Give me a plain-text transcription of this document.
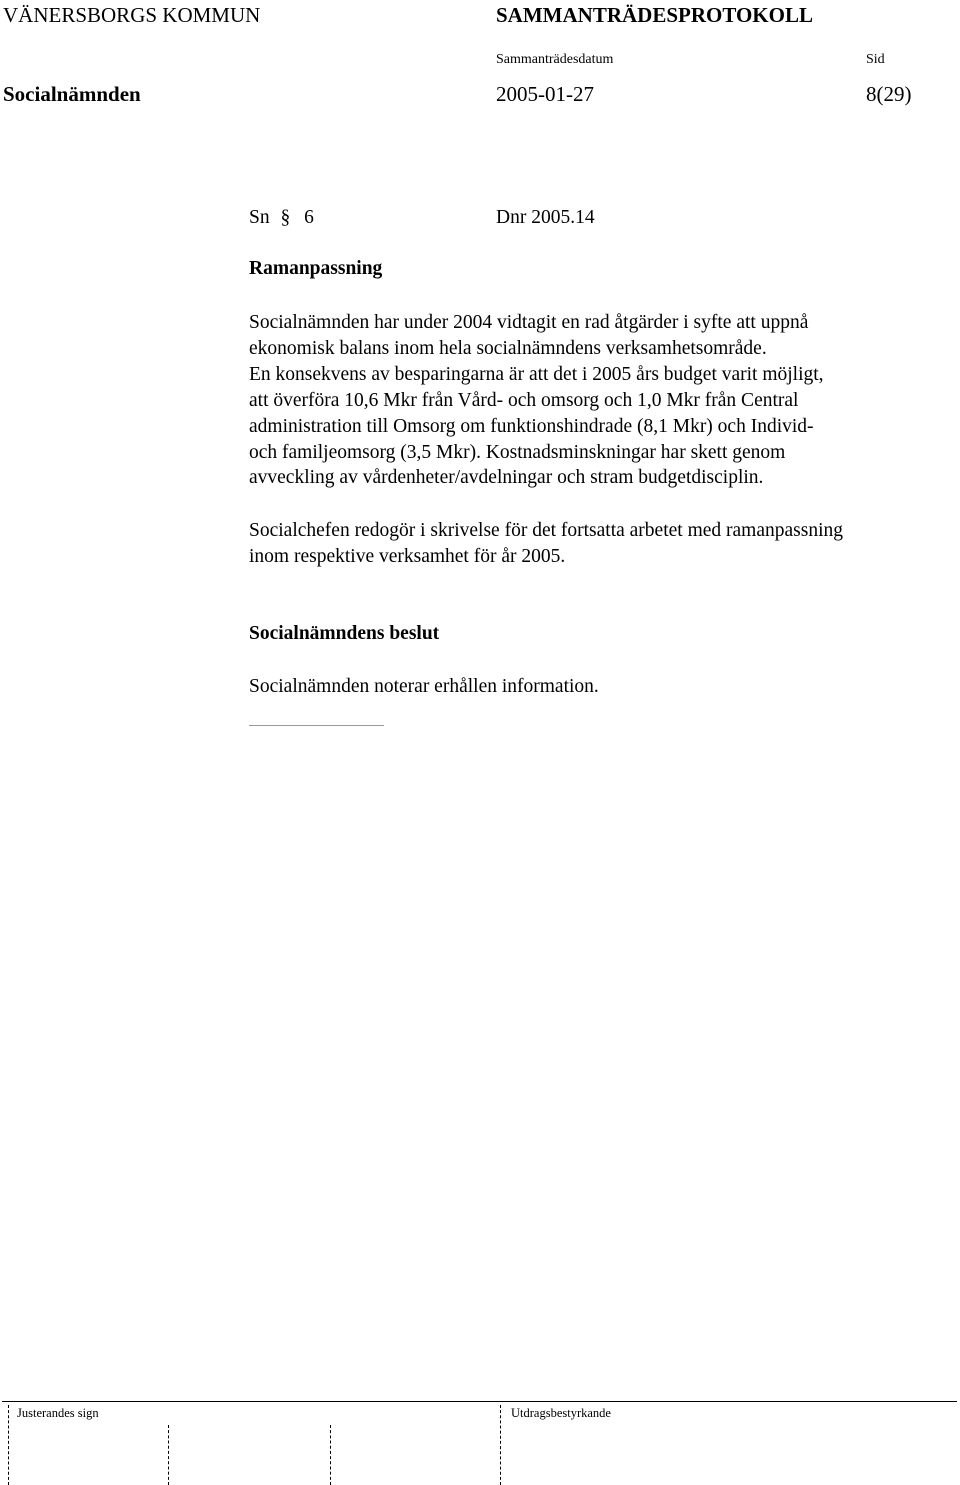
VÄNERSBORGS KOMMUN	SAMMANTRÄDESPROTOKOLL
Sammanträdesdatum	Sid
Socialnämnden	2005-01-27	8(29)
Sn § 6	Dnr 2005.14
Ramanpassning
Socialnämnden har under 2004 vidtagit en rad åtgärder i syfte att uppnå
ekonomisk balans inom hela socialnämndens verksamhetsområde.
En konsekvens av besparingarna är att det i 2005 års budget varit möjligt,
att överföra 10,6 Mkr från Vård- och omsorg och 1,0 Mkr från Central
administration till Omsorg om funktionshindrade (8,1 Mkr) och Individ-
och familjeomsorg (3,5 Mkr). Kostnadsminskningar har skett genom
avveckling av vårdenheter/avdelningar och stram budgetdisciplin.
Socialchefen redogör i skrivelse för det fortsatta arbetet med ramanpassning
inom respektive verksamhet för år 2005.
Socialnämndens beslut
Socialnämnden noterar erhållen information.
Justerandes sign	Utdragsbestyrkande
